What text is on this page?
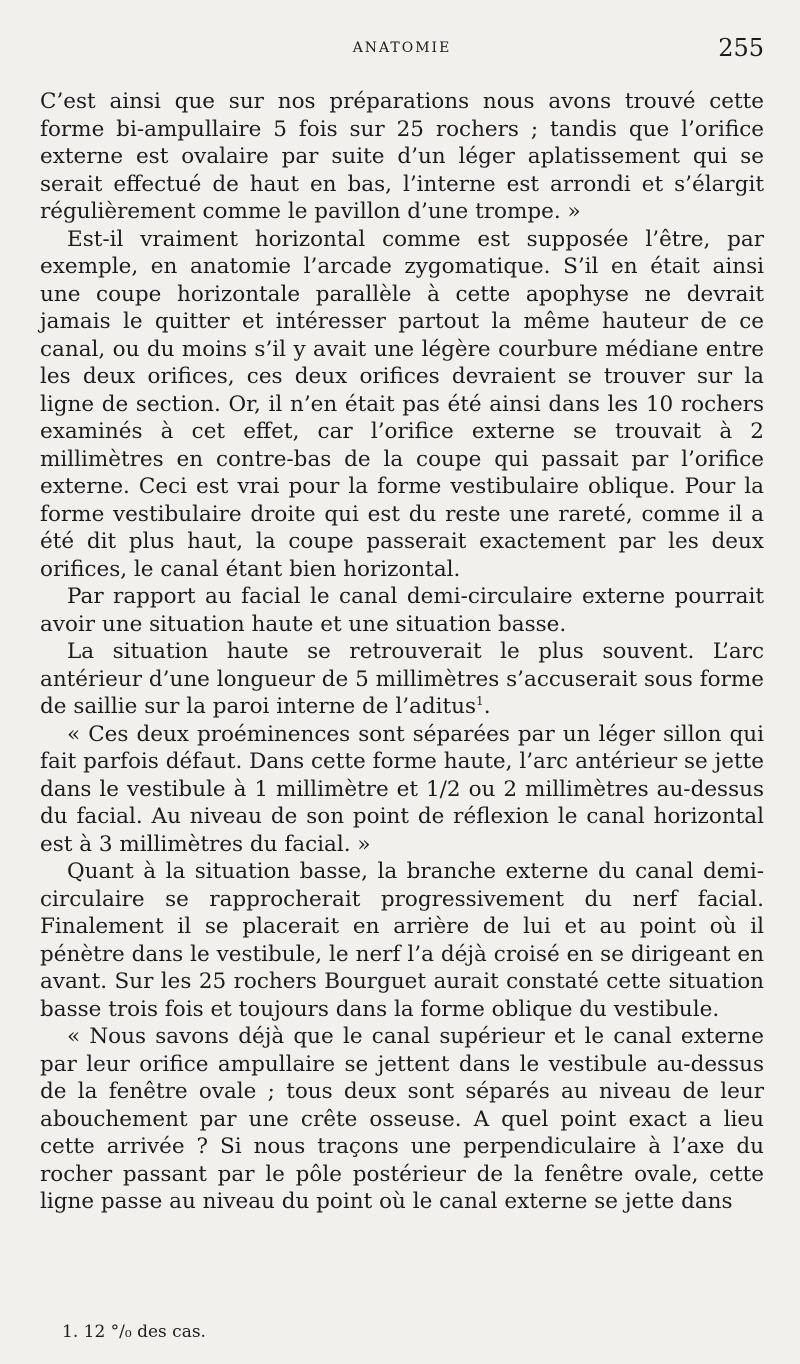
ANATOMIE	255

C’est ainsi que sur nos préparations nous avons trouvé cette forme bi-ampullaire 5 fois sur 25 rochers ; tandis que l’orifice externe est ovalaire par suite d’un léger aplatissement qui se serait effectué de haut en bas, l’interne est arrondi et s’élargit régulièrement comme le pavillon d’une trompe. »

Est-il vraiment horizontal comme est supposée l’être, par exemple, en anatomie l’arcade zygomatique. S’il en était ainsi une coupe horizontale parallèle à cette apophyse ne devrait jamais le quitter et intéresser partout la même hauteur de ce canal, ou du moins s’il y avait une légère courbure médiane entre les deux orifices, ces deux orifices devraient se trouver sur la ligne de section. Or, il n’en était pas été ainsi dans les 10 rochers examinés à cet effet, car l’orifice externe se trouvait à 2 millimètres en contre-bas de la coupe qui passait par l’orifice externe. Ceci est vrai pour la forme vestibulaire oblique. Pour la forme vestibulaire droite qui est du reste une rareté, comme il a été dit plus haut, la coupe passerait exactement par les deux orifices, le canal étant bien horizontal.

Par rapport au facial le canal demi-circulaire externe pourrait avoir une situation haute et une situation basse.

La situation haute se retrouverait le plus souvent. L’arc antérieur d’une longueur de 5 millimètres s’accuserait sous forme de saillie sur la paroi interne de l’aditus$^1$.

« Ces deux proéminences sont séparées par un léger sillon qui fait parfois défaut. Dans cette forme haute, l’arc antérieur se jette dans le vestibule à 1 millimètre et 1/2 ou 2 millimètres au-dessus du facial. Au niveau de son point de réflexion le canal horizontal est à 3 millimètres du facial. »

Quant à la situation basse, la branche externe du canal demi-circulaire se rapprocherait progressivement du nerf facial. Finalement il se placerait en arrière de lui et au point où il pénètre dans le vestibule, le nerf l’a déjà croisé en se dirigeant en avant. Sur les 25 rochers Bourguet aurait constaté cette situation basse trois fois et toujours dans la forme oblique du vestibule.

« Nous savons déjà que le canal supérieur et le canal externe par leur orifice ampullaire se jettent dans le vestibule au-dessus de la fenêtre ovale ; tous deux sont séparés au niveau de leur abouchement par une crête osseuse. A quel point exact a lieu cette arrivée ? Si nous traçons une perpendiculaire à l’axe du rocher passant par le pôle postérieur de la fenêtre ovale, cette ligne passe au niveau du point où le canal externe se jette dans

1. 12 °/₀ des cas.
